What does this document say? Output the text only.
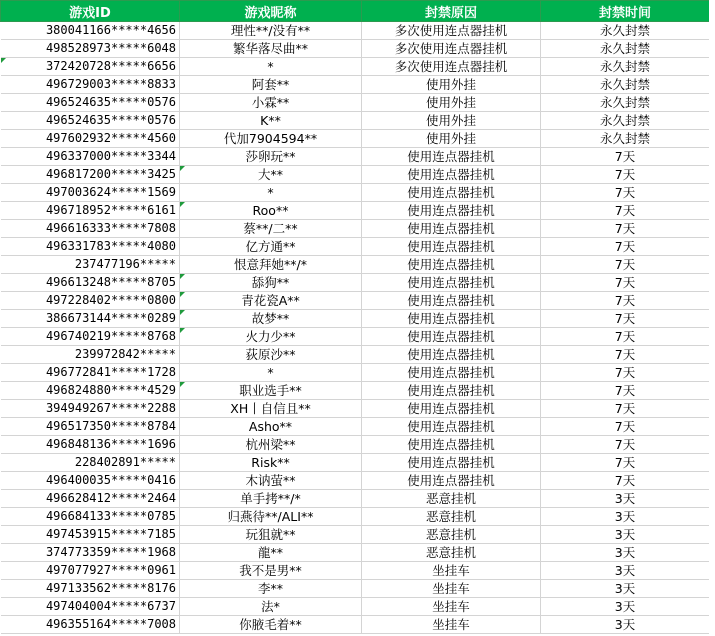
游戏ID	游戏昵称	封禁原因	封禁时间
380041166*****4656	理性**/没有**	多次使用连点器挂机	永久封禁
498528973*****6048	繁华落尽曲**	多次使用连点器挂机	永久封禁

372420728*****6656	*	多次使用连点器挂机	永久封禁
496729003*****8833	阿套**	使用外挂	永久封禁
496524635*****0576	小霖**	使用外挂	永久封禁
496524635*****0576	K**	使用外挂	永久封禁
497602932*****4560	代加7904594**	使用外挂	永久封禁
496337000*****3344	莎卵玩**	使用连点器挂机	7天
496817200*****3425	大**	使用连点器挂机	7天
497003624*****1569	*	使用连点器挂机	7天
496718952*****6161	Roo**	使用连点器挂机	7天
496616333*****7808	蔡**/二**	使用连点器挂机	7天
496331783*****4080	亿方通**	使用连点器挂机	7天
237477196*****	恨意拜她**/*	使用连点器挂机	7天
496613248*****8705	舔狗**	使用连点器挂机	7天
497228402*****0800	青花瓷A**	使用连点器挂机	7天
386673144*****0289	故梦**	使用连点器挂机	7天
496740219*****8768	火力少**	使用连点器挂机	7天
239972842*****	荻原沙**	使用连点器挂机	7天
496772841*****1728	*	使用连点器挂机	7天
496824880*****4529	职业选手**	使用连点器挂机	7天
394949267*****2288	XH丨自信且**	使用连点器挂机	7天
496517350*****8784	Asho**	使用连点器挂机	7天
496848136*****1696	杭州梁**	使用连点器挂机	7天
228402891*****	Risk**	使用连点器挂机	7天
496400035*****0416	木讷萤**	使用连点器挂机	7天
496628412*****2464	单手拷**/*	恶意挂机	3天
496684133*****0785	归燕待**/ALI**	恶意挂机	3天
497453915*****7185	玩狙就**	恶意挂机	3天
374773359*****1968	龍**	恶意挂机	3天
497077927*****0961	我不是男**	坐挂车	3天
497133562*****8176	李**	坐挂车	3天
497404004*****6737	法*	坐挂车	3天
496355164*****7008	你腋毛着**	坐挂车	3天
